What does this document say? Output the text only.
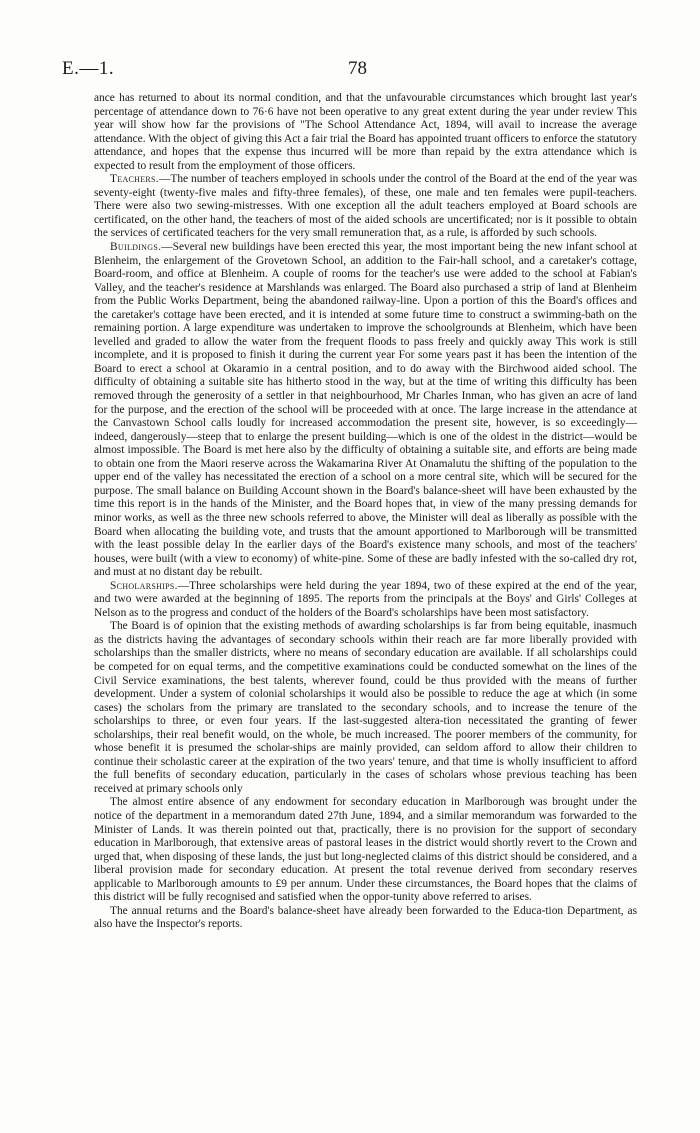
E.—1.	78

ance has returned to about its normal condition, and that the unfavourable circumstances which brought last year's percentage of attendance down to 76·6 have not been operative to any great extent during the year under review This year will show how far the provisions of "The School Attendance Act, 1894, will avail to increase the average attendance. With the object of giving this Act a fair trial the Board has appointed truant officers to enforce the statutory attendance, and hopes that the expense thus incurred will be more than repaid by the extra attendance which is expected to result from the employment of those officers.

Teachers.—The number of teachers employed in schools under the control of the Board at the end of the year was seventy-eight (twenty-five males and fifty-three females), of these, one male and ten females were pupil-teachers. There were also two sewing-mistresses. With one exception all the adult teachers employed at Board schools are certificated, on the other hand, the teachers of most of the aided schools are uncertificated; nor is it possible to obtain the services of certificated teachers for the very small remuneration that, as a rule, is afforded by such schools.

Buildings.—Several new buildings have been erected this year, the most important being the new infant school at Blenheim, the enlargement of the Grovetown School, an addition to the Fair-hall school, and a caretaker's cottage, Board-room, and office at Blenheim. A couple of rooms for the teacher's use were added to the school at Fabian's Valley, and the teacher's residence at Marshlands was enlarged. The Board also purchased a strip of land at Blenheim from the Public Works Department, being the abandoned railway-line. Upon a portion of this the Board's offices and the caretaker's cottage have been erected, and it is intended at some future time to construct a swimming-bath on the remaining portion. A large expenditure was undertaken to improve the schoolgrounds at Blenheim, which have been levelled and graded to allow the water from the frequent floods to pass freely and quickly away This work is still incomplete, and it is proposed to finish it during the current year For some years past it has been the intention of the Board to erect a school at Okaramio in a central position, and to do away with the Birchwood aided school. The difficulty of obtaining a suitable site has hitherto stood in the way, but at the time of writing this difficulty has been removed through the generosity of a settler in that neighbourhood, Mr Charles Inman, who has given an acre of land for the purpose, and the erection of the school will be proceeded with at once. The large increase in the attendance at the Canvastown School calls loudly for increased accommodation the present site, however, is so exceedingly—indeed, dangerously—steep that to enlarge the present building—which is one of the oldest in the district—would be almost impossible. The Board is met here also by the difficulty of obtaining a suitable site, and efforts are being made to obtain one from the Maori reserve across the Wakamarina River At Onamalutu the shifting of the population to the upper end of the valley has necessitated the erection of a school on a more central site, which will be secured for the purpose. The small balance on Building Account shown in the Board's balance-sheet will have been exhausted by the time this report is in the hands of the Minister, and the Board hopes that, in view of the many pressing demands for minor works, as well as the three new schools referred to above, the Minister will deal as liberally as possible with the Board when allocating the building vote, and trusts that the amount apportioned to Marlborough will be transmitted with the least possible delay In the earlier days of the Board's existence many schools, and most of the teachers' houses, were built (with a view to economy) of white-pine. Some of these are badly infested with the so-called dry rot, and must at no distant day be rebuilt.

Scholarships.—Three scholarships were held during the year 1894, two of these expired at the end of the year, and two were awarded at the beginning of 1895. The reports from the principals at the Boys' and Girls' Colleges at Nelson as to the progress and conduct of the holders of the Board's scholarships have been most satisfactory.

The Board is of opinion that the existing methods of awarding scholarships is far from being equitable, inasmuch as the districts having the advantages of secondary schools within their reach are far more liberally provided with scholarships than the smaller districts, where no means of secondary education are available. If all scholarships could be competed for on equal terms, and the competitive examinations could be conducted somewhat on the lines of the Civil Service examinations, the best talents, wherever found, could be thus provided with the means of further development. Under a system of colonial scholarships it would also be possible to reduce the age at which (in some cases) the scholars from the primary are translated to the secondary schools, and to increase the tenure of the scholarships to three, or even four years. If the last-suggested altera-tion necessitated the granting of fewer scholarships, their real benefit would, on the whole, be much increased. The poorer members of the community, for whose benefit it is presumed the scholar-ships are mainly provided, can seldom afford to allow their children to continue their scholastic career at the expiration of the two years' tenure, and that time is wholly insufficient to afford the full benefits of secondary education, particularly in the cases of scholars whose previous teaching has been received at primary schools only

The almost entire absence of any endowment for secondary education in Marlborough was brought under the notice of the department in a memorandum dated 27th June, 1894, and a similar memorandum was forwarded to the Minister of Lands. It was therein pointed out that, practically, there is no provision for the support of secondary education in Marlborough, that extensive areas of pastoral leases in the district would shortly revert to the Crown and urged that, when disposing of these lands, the just but long-neglected claims of this district should be considered, and a liberal provision made for secondary education. At present the total revenue derived from secondary reserves applicable to Marlborough amounts to £9 per annum. Under these circumstances, the Board hopes that the claims of this district will be fully recognised and satisfied when the oppor-tunity above referred to arises.

The annual returns and the Board's balance-sheet have already been forwarded to the Educa-tion Department, as also have the Inspector's reports.
